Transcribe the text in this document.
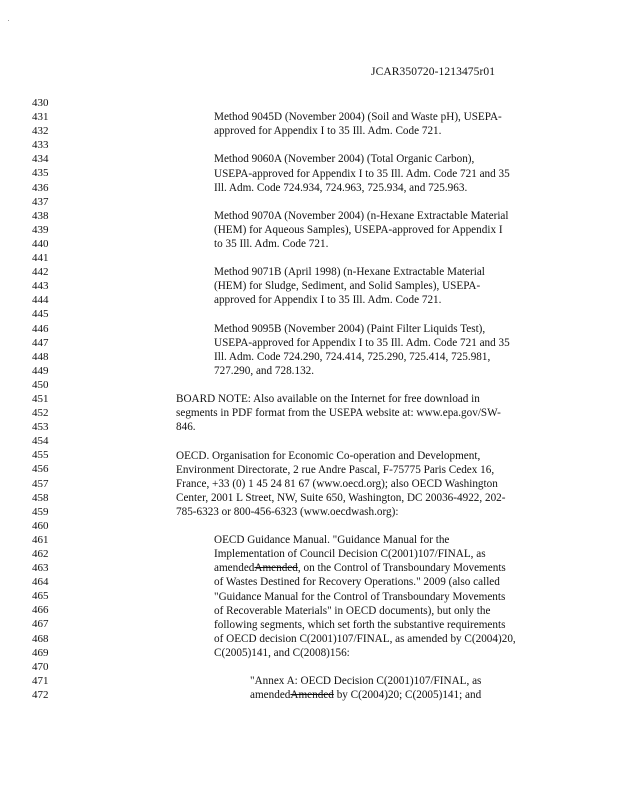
JCAR350720-1213475r01
430
431
432
433
434
435
436
437
438
439
440
441
442
443
444
445
446
447
448
449
450
451
452
453
454
455
456
457
458
459
460
461
462
463
464
465
466
467
468
469
470
471
472
Method 9045D (November 2004) (Soil and Waste pH), USEPA-
approved for Appendix I to 35 Ill. Adm. Code 721.
Method 9060A (November 2004) (Total Organic Carbon),
USEPA-approved for Appendix I to 35 Ill. Adm. Code 721 and 35
Ill. Adm. Code 724.934, 724.963, 725.934, and 725.963.
Method 9070A (November 2004) (n-Hexane Extractable Material
(HEM) for Aqueous Samples), USEPA-approved for Appendix I
to 35 Ill. Adm. Code 721.
Method 9071B (April 1998) (n-Hexane Extractable Material
(HEM) for Sludge, Sediment, and Solid Samples), USEPA-
approved for Appendix I to 35 Ill. Adm. Code 721.
Method 9095B (November 2004) (Paint Filter Liquids Test),
USEPA-approved for Appendix I to 35 Ill. Adm. Code 721 and 35
Ill. Adm. Code 724.290, 724.414, 725.290, 725.414, 725.981,
727.290, and 728.132.
BOARD NOTE: Also available on the Internet for free download in
segments in PDF format from the USEPA website at: www.epa.gov/SW-
846.
OECD. Organisation for Economic Co-operation and Development,
Environment Directorate, 2 rue Andre Pascal, F-75775 Paris Cedex 16,
France, +33 (0) 1 45 24 81 67 (www.oecd.org); also OECD Washington
Center, 2001 L Street, NW, Suite 650, Washington, DC 20036-4922, 202-
785-6323 or 800-456-6323 (www.oecdwash.org):
OECD Guidance Manual. "Guidance Manual for the
Implementation of Council Decision C(2001)107/FINAL, as
amendedAmended, on the Control of Transboundary Movements
of Wastes Destined for Recovery Operations." 2009 (also called
"Guidance Manual for the Control of Transboundary Movements
of Recoverable Materials" in OECD documents), but only the
following segments, which set forth the substantive requirements
of OECD decision C(2001)107/FINAL, as amended by C(2004)20,
C(2005)141, and C(2008)156:
"Annex A: OECD Decision C(2001)107/FINAL, as
amendedAmended by C(2004)20; C(2005)141; and
